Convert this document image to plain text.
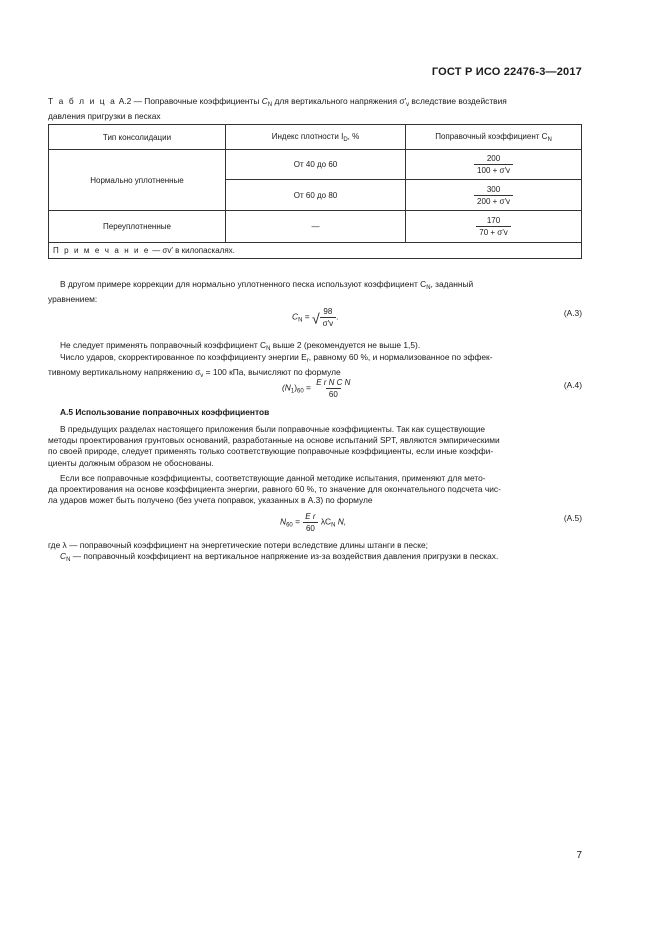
ГОСТ Р ИСО 22476-3—2017
Т а б л и ц а А.2 — Поправочные коэффициенты $C_N$ для вертикального напряжения $\sigma'_v$ вследствие воздействия
давления пригрузки в песках
Тип консолидации	Индекс плотности $I_D$, %	Поправочный коэффициент $C_N$
Нормально уплотненные	От 40 до 60	$\frac{200}{100 + \sigma'v}$

	От 60 до 80	$\frac{300}{200 + \sigma'v}$

Переуплотненные	—	$\frac{170}{70 + \sigma'v}$

П р и м е ч а н и е — σv′ в килопаскалях.		
В другом примере коррекции для нормально уплотненного песка используют коэффициент $C_N$, заданный
уравнением:
$C_N$ = √ $\frac{98}{\sigma'v}$ .	(А.3)
Не следует применять поправочный коэффициент $C_N$ выше 2 (рекомендуется не выше 1,5).
Число ударов, скорректированное по коэффициенту энергии $E_r$, равному 60 %, и нормализованное по эффек-
тивному вертикальному напряжению $\sigma_v = 100$ кПа, вычисляют по формуле
$(N_1)_{60} = \frac{\text{E r N C N}}{60}$	(А.4)
А.5 Использование поправочных коэффициентов
В предыдущих разделах настоящего приложения были поправочные коэффициенты. Так как существующие
методы проектирования грунтовых оснований, разработанные на основе испытаний SPT, являются эмпирическими
по своей природе, следует применять только соответствующие поправочные коэффициенты, если иные коэффи-
циенты должным образом не обоснованы.
Если все поправочные коэффициенты, соответствующие данной методике испытания, применяют для мето-
да проектирования на основе коэффициента энергии, равного 60 %, то значение для окончательного подсчета чис-
ла ударов может быть получено (без учета поправок, указанных в А.3) по формуле
$N_{60} = \frac{\text{E r}}{60} \lambda C_N$ N,	(А.5)
где λ — поправочный коэффициент на энергетические потери вследствие длины штанги в песке;
$C_N$ — поправочный коэффициент на вертикальное напряжение из-за воздействия давления пригрузки в песках.
7
